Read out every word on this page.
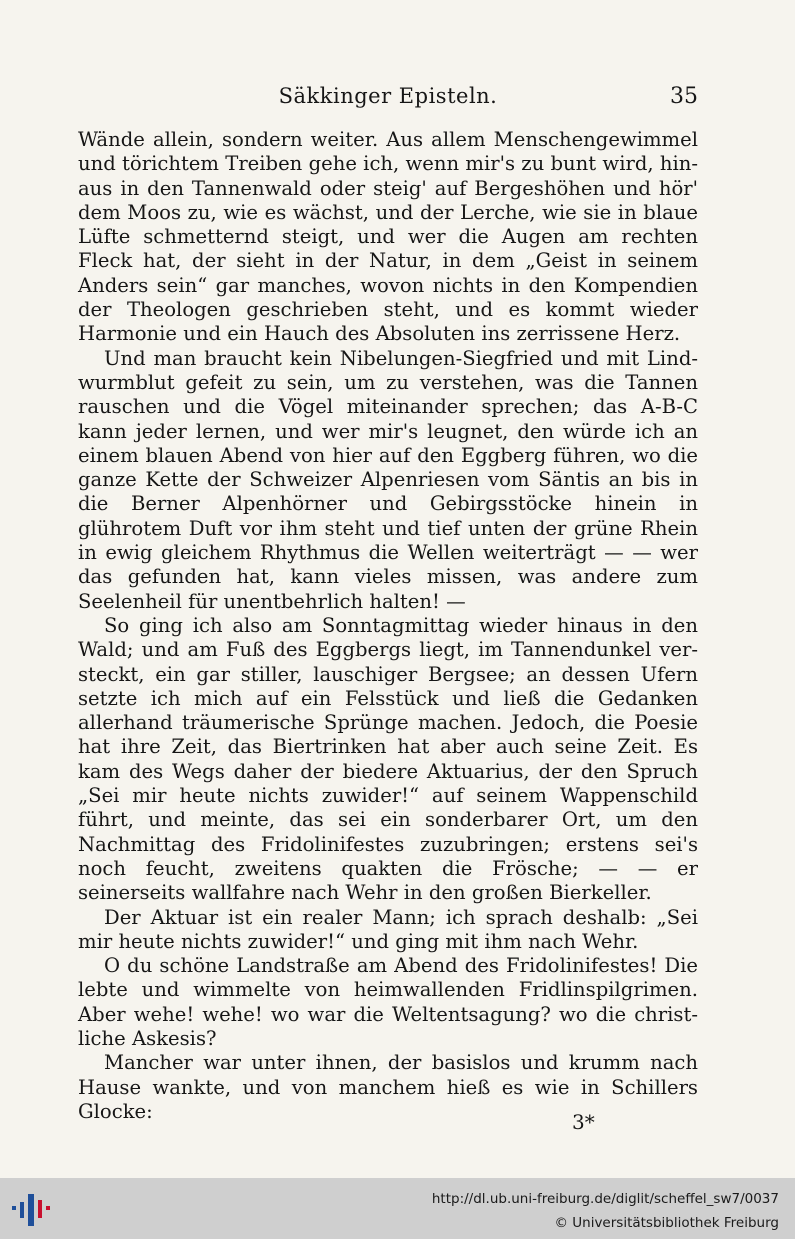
Säkkinger Episteln.	35

Wände allein, sondern weiter. Aus allem Menschengewimmel und törichtem Treiben gehe ich, wenn mir's zu bunt wird, hinaus in den Tannenwald oder steig' auf Bergeshöhen und hör' dem Moos zu, wie es wächst, und der Lerche, wie sie in blaue Lüfte schmetternd steigt, und wer die Augen am rechten Fleck hat, der sieht in der Natur, in dem „Geist in seinem Anders sein“ gar manches, wovon nichts in den Kompendien der Theologen geschrieben steht, und es kommt wieder Harmonie und ein Hauch des Absoluten ins zerrissene Herz.

Und man braucht kein Nibelungen-Siegfried und mit Lindwurmblut gefeit zu sein, um zu verstehen, was die Tannen rauschen und die Vögel miteinander sprechen; das A-B-C kann jeder lernen, und wer mir's leugnet, den würde ich an einem blauen Abend von hier auf den Eggberg führen, wo die ganze Kette der Schweizer Alpenriesen vom Säntis an bis in die Berner Alpenhörner und Gebirgsstöcke hinein in glührotem Duft vor ihm steht und tief unten der grüne Rhein in ewig gleichem Rhythmus die Wellen weiterträgt — — wer das gefunden hat, kann vieles missen, was andere zum Seelenheil für unentbehrlich halten! —

So ging ich also am Sonntagmittag wieder hinaus in den Wald; und am Fuß des Eggbergs liegt, im Tannendunkel versteckt, ein gar stiller, lauschiger Bergsee; an dessen Ufern setzte ich mich auf ein Felsstück und ließ die Gedanken allerhand träumerische Sprünge machen. Jedoch, die Poesie hat ihre Zeit, das Biertrinken hat aber auch seine Zeit. Es kam des Wegs daher der biedere Aktuarius, der den Spruch „Sei mir heute nichts zuwider!“ auf seinem Wappenschild führt, und meinte, das sei ein sonderbarer Ort, um den Nachmittag des Fridolinifestes zuzubringen; erstens sei's noch feucht, zweitens quakten die Frösche; — — er seinerseits wallfahre nach Wehr in den großen Bierkeller.

Der Aktuar ist ein realer Mann; ich sprach deshalb: „Sei mir heute nichts zuwider!“ und ging mit ihm nach Wehr.

O du schöne Landstraße am Abend des Fridolinifestes! Die lebte und wimmelte von heimwallenden Fridlinspilgrimen. Aber wehe! wehe! wo war die Weltentsagung? wo die christliche Askesis?

Mancher war unter ihnen, der basislos und krumm nach Hause wankte, und von manchem hieß es wie in Schillers Glocke:	3*
http://dl.ub.uni-freiburg.de/diglit/scheffel_sw7/0037
© Universitätsbibliothek Freiburg
